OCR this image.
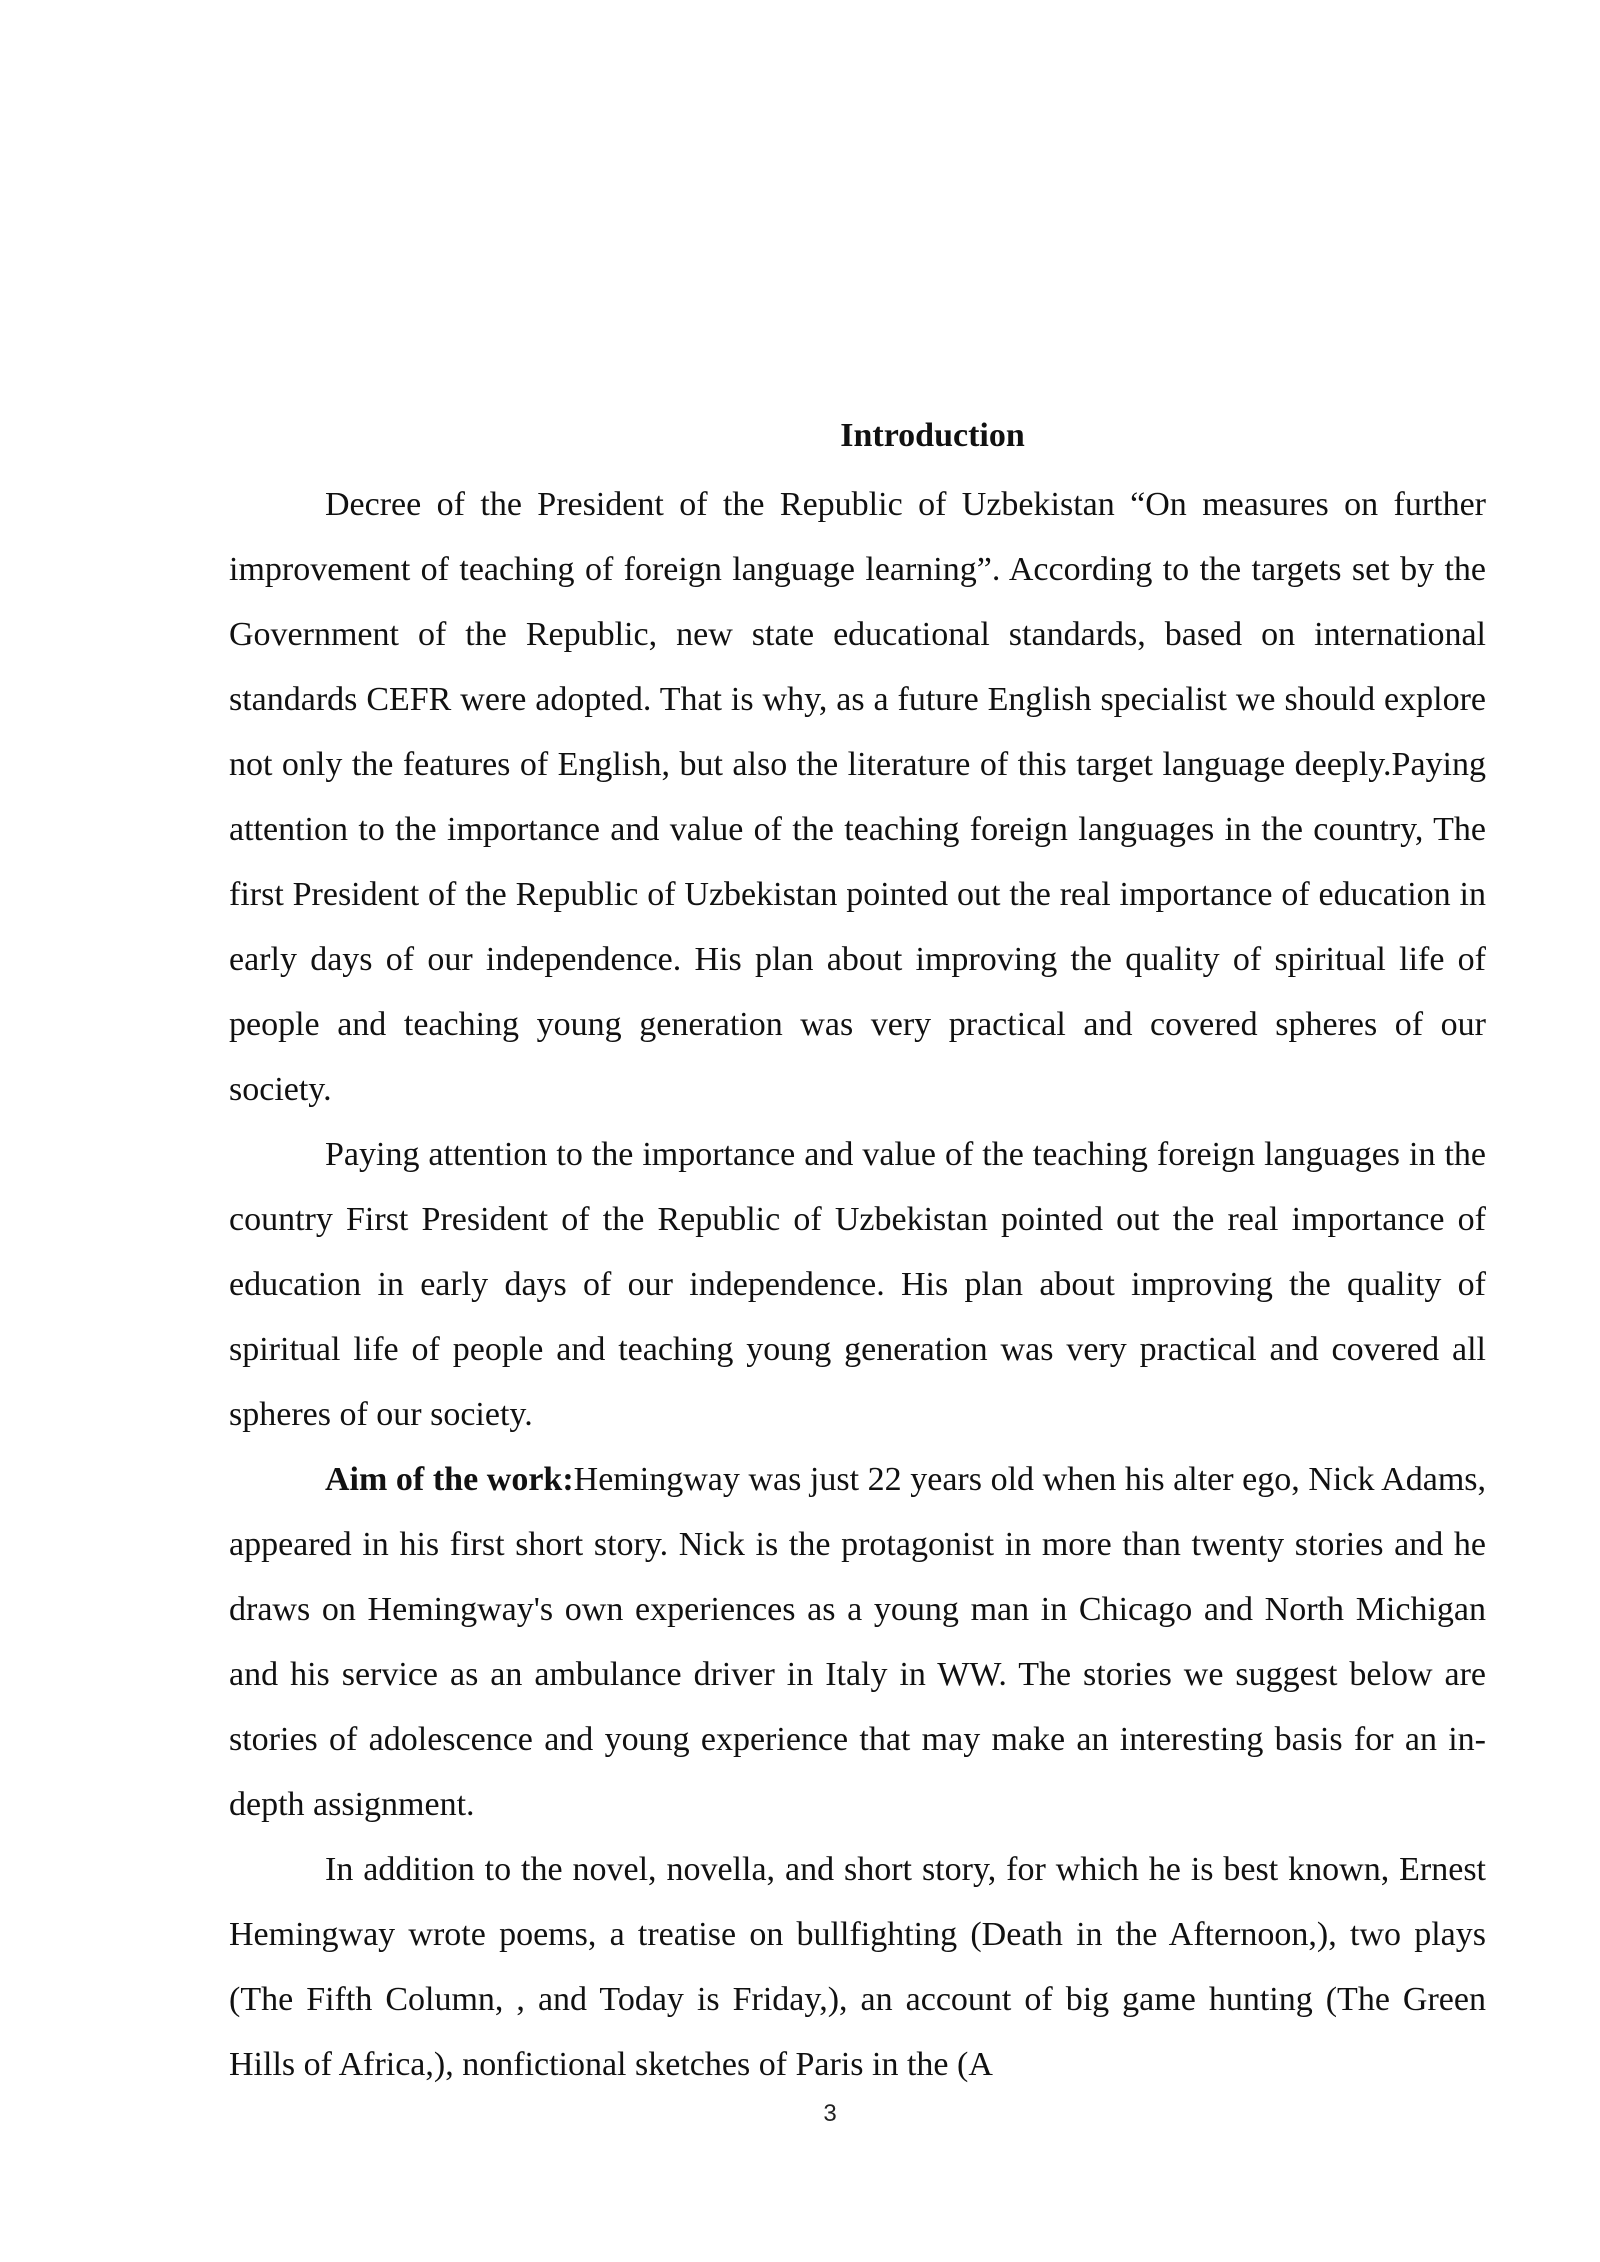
Introduction

Decree of the President of the Republic of Uzbekistan “On measures on further improvement of teaching of foreign language learning”. According to the targets set by the Government of the Republic, new state educational standards, based on international standards CEFR were adopted. That is why, as a future English specialist we should explore not only the features of English, but also the literature of this target language deeply.Paying attention to the importance and value of the teaching foreign languages in the country, The first President of the Republic of Uzbekistan pointed out the real importance of education in early days of our independence. His plan about improving the quality of spiritual life of people and teaching young generation was very practical and covered spheres of our society.

Paying attention to the importance and value of the teaching foreign languages in the country First President of the Republic of Uzbekistan pointed out the real importance of education in early days of our independence. His plan about improving the quality of spiritual life of people and teaching young generation was very practical and covered all spheres of our society.

Aim of the work:Hemingway was just 22 years old when his alter ego, Nick Adams, appeared in his first short story. Nick is the protagonist in more than twenty stories and he draws on Hemingway's own experiences as a young man in Chicago and North Michigan and his service as an ambulance driver in Italy in WW. The stories we suggest below are stories of adolescence and young experience that may make an interesting basis for an in-depth assignment.

In addition to the novel, novella, and short story, for which he is best known, Ernest Hemingway wrote poems, a treatise on bullfighting (Death in the Afternoon,), two plays (The Fifth Column, , and Today is Friday,), an account of big game hunting (The Green Hills of Africa,), nonfictional sketches of Paris in the (A

3
